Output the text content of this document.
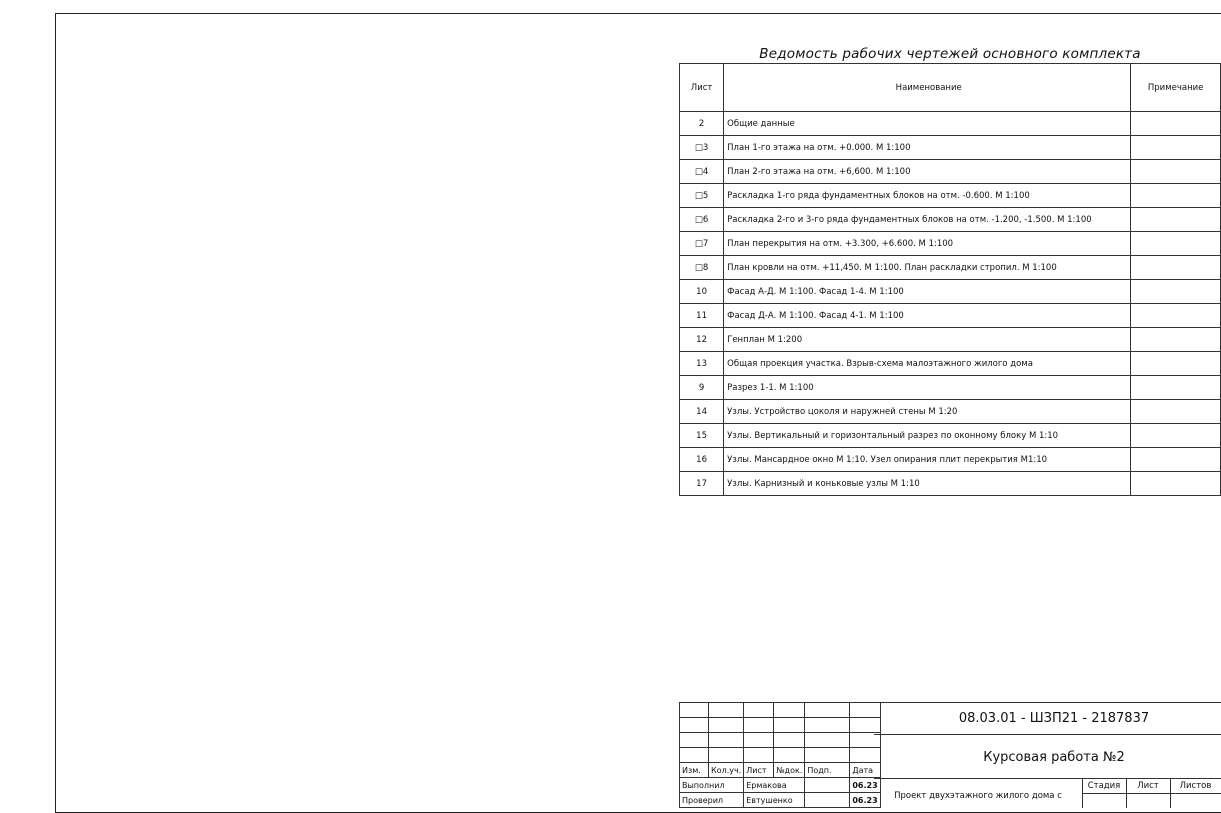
Ведомость рабочих чертежей основного комплекта
Лист	Наименование	Примечание
2	Общие данные	
□3	План 1-го этажа на отм. +0.000. М 1:100	
□4	План 2-го этажа на отм. +6,600. М 1:100	
□5	Раскладка 1-го ряда фундаментных блоков на отм. -0.600. М 1:100	
□6	Раскладка 2-го и 3-го ряда фундаментных блоков на отм. -1.200, -1.500. М 1:100	
□7	План перекрытия на отм. +3.300, +6.600. М 1:100	
□8	План кровли на отм. +11,450. М 1:100. План раскладки стропил. М 1:100	
10	Фасад А-Д. М 1:100. Фасад 1-4. М 1:100	
11	Фасад Д-А. М 1:100. Фасад 4-1. М 1:100	
12	Генплан М 1:200	
13	Общая проекция участка. Взрыв-схема малоэтажного жилого дома	
9	Разрез 1-1. М 1:100	
14	Узлы. Устройство цоколя и наружней стены М 1:20	
15	Узлы. Вертикальный и горизонтальный разрез по оконному блоку М 1:10	
16	Узлы. Мансардное окно М 1:10. Узел опирания плит перекрытия М1:10	
17	Узлы. Карнизный и коньковые узлы М 1:10	

Изм.	Кол.уч.	Лист	№док.	Подп.	Дата
Выполнил		Ермакова			06.23
Проверил		Евтушенко			06.23
08.03.01 - ШЗП21 - 2187837
Курсовая работа №2
Проект двухэтажного жилого дома с
Стадия	Лист	Листов
